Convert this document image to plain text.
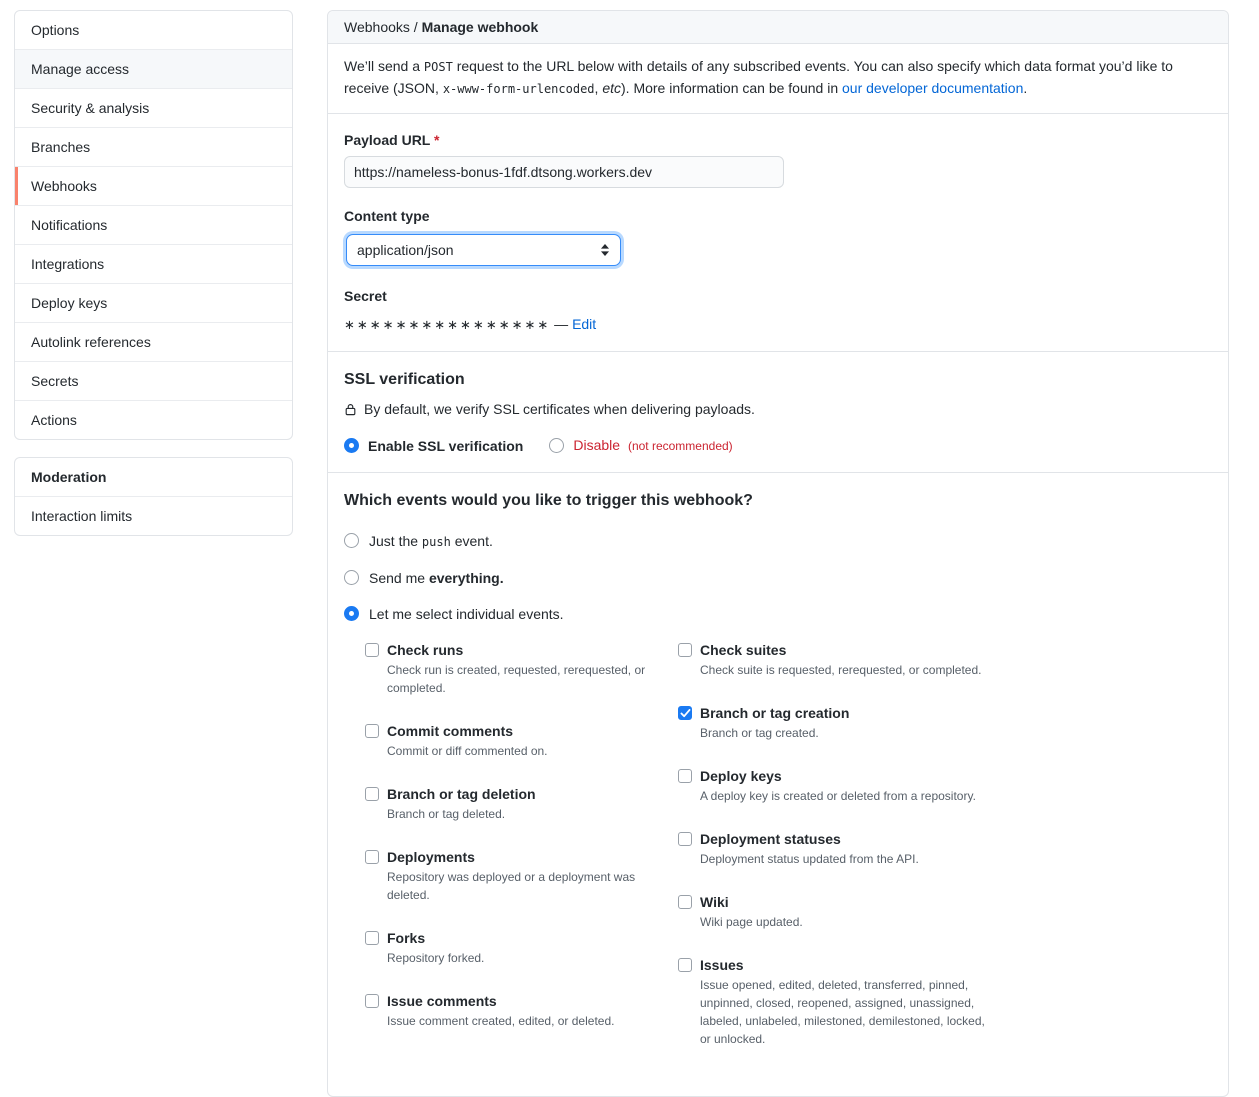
Options
Manage access
Security & analysis
Branches
Webhooks
Notifications
Integrations
Deploy keys
Autolink references
Secrets
Actions
Moderation
Interaction limits
Webhooks / Manage webhook
We’ll send a POST request to the URL below with details of any subscribed events. You can also specify which data format you’d like to receive (JSON, x-www-form-urlencoded, etc). More information can be found in our developer documentation.
Payload URL *
https://nameless-bonus-1fdf.dtsong.workers.dev
Content type
application/json
Secret
∗∗∗∗∗∗∗∗∗∗∗∗∗∗∗∗ — Edit
SSL verification
By default, we verify SSL certificates when delivering payloads.
Enable SSL verification	Disable (not recommended)
Which events would you like to trigger this webhook?
Just the push event.
Send me everything.
Let me select individual events.
Check runs
Check run is created, requested, rerequested, or completed.
Commit comments
Commit or diff commented on.
Branch or tag deletion
Branch or tag deleted.
Deployments
Repository was deployed or a deployment was deleted.
Forks
Repository forked.
Issue comments
Issue comment created, edited, or deleted.
Check suites
Check suite is requested, rerequested, or completed.
Branch or tag creation
Branch or tag created.
Deploy keys
A deploy key is created or deleted from a repository.
Deployment statuses
Deployment status updated from the API.
Wiki
Wiki page updated.
Issues
Issue opened, edited, deleted, transferred, pinned, unpinned, closed, reopened, assigned, unassigned, labeled, unlabeled, milestoned, demilestoned, locked, or unlocked.
